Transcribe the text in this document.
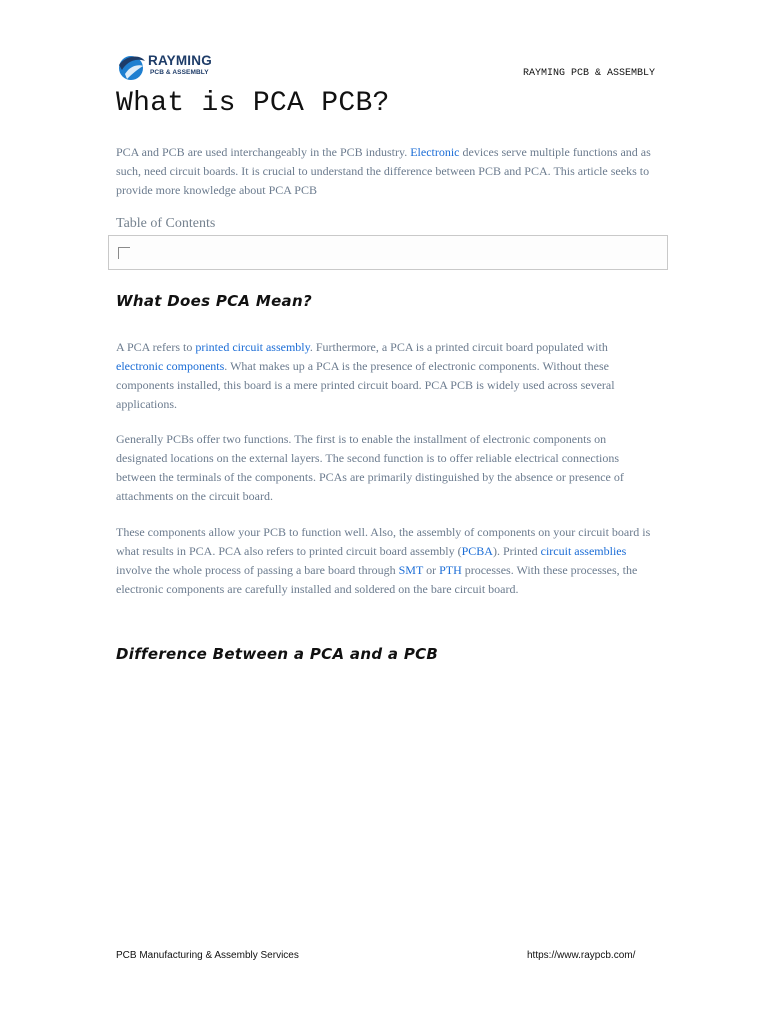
RAYMING
PCB & ASSEMBLY	RAYMING PCB & ASSEMBLY
What is PCA PCB?

PCA and PCB are used interchangeably in the PCB industry. Electronic devices serve multiple functions and as such, need circuit boards. It is crucial to understand the difference between PCB and PCA. This article seeks to provide more knowledge about PCA PCB

Table of Contents
What Does PCA Mean?

A PCA refers to printed circuit assembly. Furthermore, a PCA is a printed circuit board populated with electronic components. What makes up a PCA is the presence of electronic components. Without these components installed, this board is a mere printed circuit board. PCA PCB is widely used across several applications.

Generally PCBs offer two functions. The first is to enable the installment of electronic components on designated locations on the external layers. The second function is to offer reliable electrical connections between the terminals of the components. PCAs are primarily distinguished by the absence or presence of attachments on the circuit board.

These components allow your PCB to function well. Also, the assembly of components on your circuit board is what results in PCA. PCA also refers to printed circuit board assembly (PCBA). Printed circuit assemblies involve the whole process of passing a bare board through SMT or PTH processes. With these processes, the electronic components are carefully installed and soldered on the bare circuit board.

Difference Between a PCA and a PCB
PCB Manufacturing & Assembly Services	https://www.raypcb.com/
